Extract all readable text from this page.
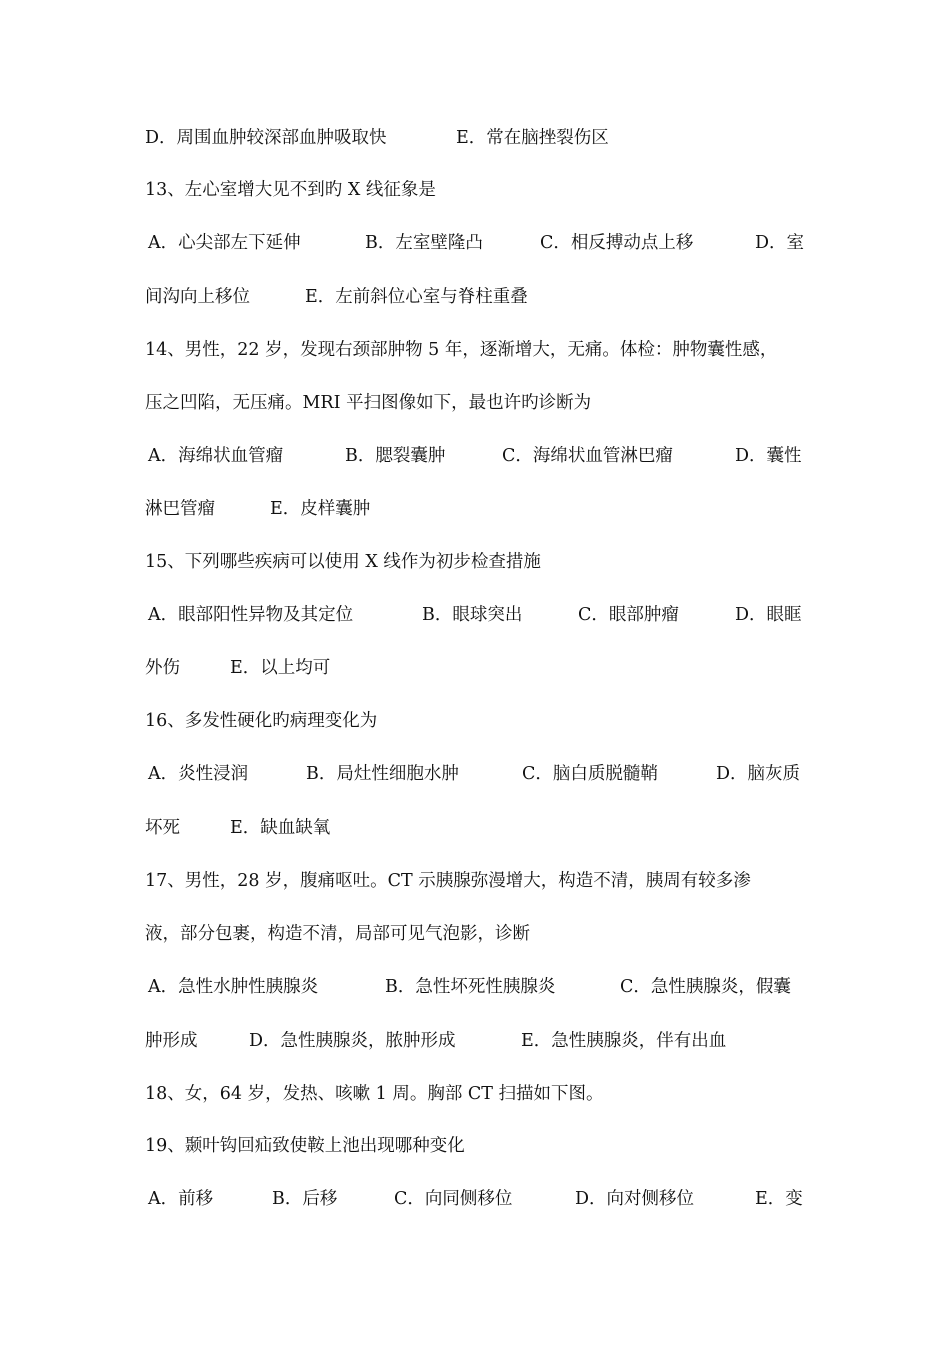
D．周围血肿较深部血肿吸取快

	E．常在脑挫裂伤区

13、左心室增大见不到旳 X 线征象是

A．心尖部左下延伸

	B．左室壁隆凸

	C．相反搏动点上移

	D．室

间沟向上移位

	E．左前斜位心室与脊柱重叠

14、男性，22 岁，发现右颈部肿物 5 年，逐渐增大，无痛。体检：肿物囊性感，
压之凹陷，无压痛。MRI 平扫图像如下，最也许旳诊断为

A．海绵状血管瘤

	B．腮裂囊肿

	C．海绵状血管淋巴瘤

	D．囊性

淋巴管瘤

	E．皮样囊肿

15、下列哪些疾病可以使用 X 线作为初步检查措施

A．眼部阳性异物及其定位

	B．眼球突出

	C．眼部肿瘤

	D．眼眶

外伤

	E．以上均可

16、多发性硬化旳病理变化为

A．炎性浸润

	B．局灶性细胞水肿

	C．脑白质脱髓鞘

	D．脑灰质

坏死

	E．缺血缺氧

17、男性，28 岁，腹痛呕吐。CT 示胰腺弥漫增大，构造不清，胰周有较多渗
液，部分包裹，构造不清，局部可见气泡影，诊断

A．急性水肿性胰腺炎

	B．急性坏死性胰腺炎

	C．急性胰腺炎，假囊

肿形成

	D．急性胰腺炎，脓肿形成

	E．急性胰腺炎，伴有出血

18、女，64 岁，发热、咳嗽 1 周。胸部 CT 扫描如下图。
19、颞叶钩回疝致使鞍上池出现哪种变化

A．前移

	B．后移

	C．向同侧移位

	D．向对侧移位

	E．变
